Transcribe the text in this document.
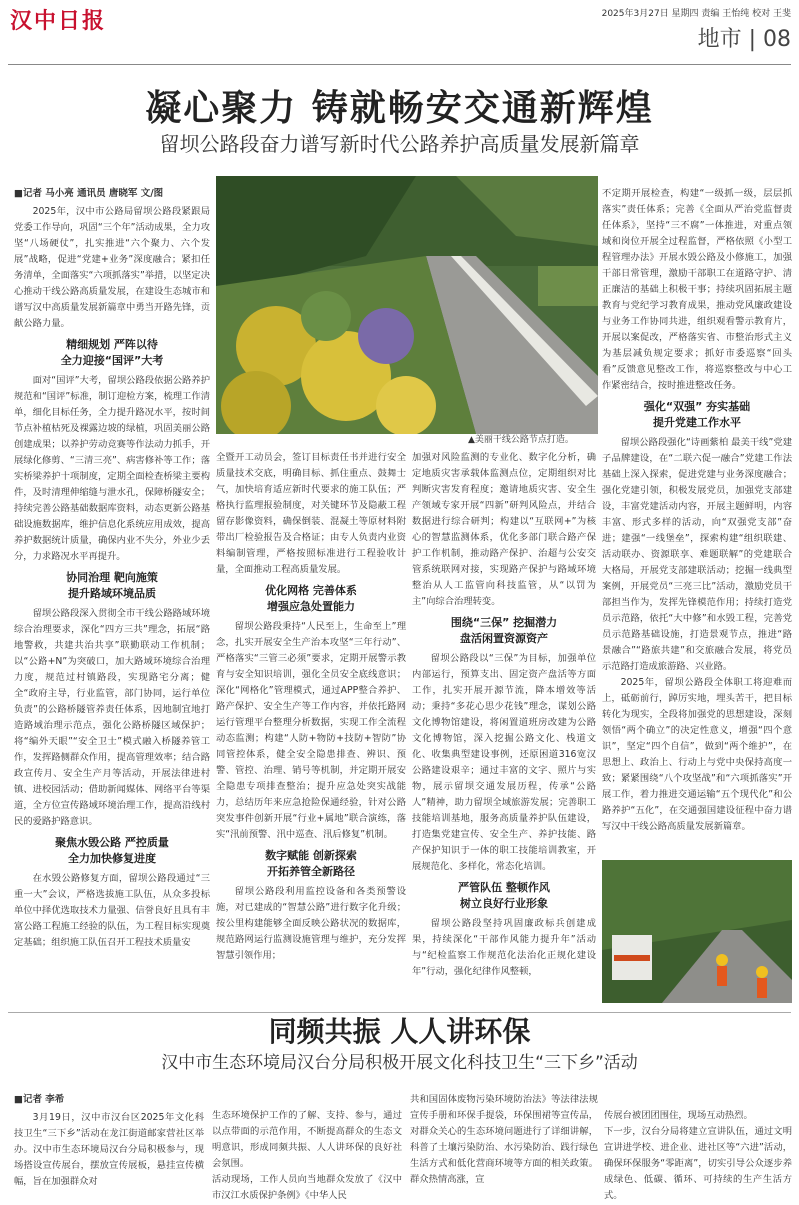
汉中日报	2025年3月27日 星期四 责编 王怡纯 校对 王斐
地市 | 08
凝心聚力 铸就畅安交通新辉煌
留坝公路段奋力谱写新时代公路养护高质量发展新篇章
▲美丽干线公路节点打造。
■记者 马小亮 通讯员 唐晓军 文/图

2025年，汉中市公路局留坝公路段紧跟局党委工作导向，巩固“三个年”活动成果，全力攻坚“八场硬仗”，扎实推进“六个聚力、六个发展”战略，促进“党建+业务”深度融合；紧扣任务清单，全面落实“六项抓落实”举措，以坚定决心推动干线公路高质量发展，在建设生态城市和谱写汉中高质量发展新篇章中勇当开路先锋，贡献公路力量。

精细规划 严阵以待
全力迎接“国评”大考

面对“国评”大考，留坝公路段依据公路养护规范和“国评”标准，制订迎检方案，梳理工作清单，细化目标任务，全力提升路况水平，按时间节点补植枯死及裸露边坡的绿植，巩固美丽公路创建成果；以养护劳动竞赛等作法动力抓手，开展绿化修剪、“三清三亮”、病害修补等工作；落实桥梁养护十项制度，定期全面检查桥梁主要构件，及时清理伸缩缝与泄水孔，保障桥隧安全；持续完善公路基础数据库资料，动态更新公路基础设施数据库，维护信息化系统应用成效，提高养护数据统计质量，确保内业不失分，外业少丢分，力求路况水平再提升。

协同治理 靶向施策
提升路域环境品质

留坝公路段深入贯彻全市干线公路路域环境综合治理要求，深化“四方三共”理念，拓展“路地警救，共建共治共享”联勤联动工作机制；以“公路+N”为突破口，加大路域环境综合治理力度，规范过村镇路段，实现路宅分离；健全“政府主导，行业监管，部门协同，运行单位负责”的公路桥隧管养责任体系，因地制宜地打造路域治理示范点，强化公路桥隧区域保护；将“编外天眼”“安全卫士”模式融入桥隧养管工作，发挥路侧群众作用，提高管理效率；结合路政宣传月、安全生产月等活动，开展法律进村镇、进校园活动；借助新闻媒体、网络平台等渠道，全方位宣传路域环境治理工作，提高沿线村民的爱路护路意识。

聚焦水毁公路 严控质量
全力加快修复进度

在水毁公路修复方面，留坝公路段通过“三重一大”会议，严格选拔施工队伍，从众多投标单位中择优选取技术力量强、信誉良好且具有丰富公路工程施工经验的队伍，为工程目标实现奠定基础；组织施工队伍召开工程技术质量安

全暨开工动员会，签订目标责任书并进行安全质量技术交底，明确目标、抓住重点、鼓舞士气，加快培育适应新时代要求的施工队伍；严格执行监理报验制度，对关键环节及隐蔽工程留存影像资料，确保倒装、混凝土等原材料附带出厂检验报告及合格证；由专人负责内业资料编制管理，严格按照标准进行工程验收计量，全面推动工程高质量发展。

优化网格 完善体系
增强应急处置能力

留坝公路段秉持“人民至上，生命至上”理念，扎实开展安全生产治本攻坚“三年行动”、严格落实“三管三必须”要求，定期开展警示教育与安全知识培训，强化全员安全底线意识；深化“网格化”管理模式，通过APP整合养护、路产保护、安全生产等工作内容，并依托路网运行管理平台整理分析数据，实现工作全流程动态监测；构建“人防+物防+技防+智防”协同管控体系，健全安全隐患排查、辨识、预警、管控、治理、销号等机制，并定期开展安全隐患专项排查整治；提升应急处突实战能力，总结历年来应急抢险保通经验，针对公路突发事件创新开展“行业+属地”联合演练，落实“汛前预警、汛中巡查、汛后修复”机制。

数字赋能 创新探索
开拓养管全新路径

留坝公路段利用监控设备和各类预警设施，对已建成的“智慧公路”进行数字化升级；按公里构建能够全面反映公路状况的数据库，规范路网运行监测设施管理与维护，充分发挥智慧引领作用；

加强对风险监测的专业化、数字化分析，确定地质灾害承载体监测点位，定期组织对比判断灾害发育程度；邀请地质灾害、安全生产领域专家开展“四新”研判风险点，并结合数据进行综合研判；构建以“互联网+”为核心的智慧监测体系，优化多部门联合路产保护工作机制，推动路产保护、治超与公安交管系统联网对接，实现路产保护与路域环境整治从人工监管向科技监管，从“以罚为主”向综合治理转变。

围绕“三保” 挖掘潜力
盘活闲置资源资产

留坝公路段以“三保”为目标，加强单位内部运行，预算支出、固定资产盘活等方面工作，扎实开展开源节流，降本增效等活动；秉持“多花心思少花钱”理念，谋划公路文化博物馆建设，将闲置道班房改建为公路文化博物馆，深入挖掘公路文化、栈道文化、收集典型建设事例，还原困道316宽汉公路建设艰辛；通过丰富的文字、照片与实物，展示留坝交通发展历程，传承“公路人”精神，助力留坝全域旅游发展；完善职工技能培训基地，服务高质量养护队伍建设，打造集党建宣传、安全生产、养护技能、路产保护知识于一体的职工技能培训教室，开展规范化、多样化，常态化培训。

严管队伍 整顿作风
树立良好行业形象

留坝公路段坚持巩固廉政标兵创建成果，持续深化“干部作风能力提升年”活动与“纪检监察工作规范化法治化正规化建设年”行动，强化纪律作风整顿，

不定期开展检查，构建“一级抓一级，层层抓落实”责任体系；完善《全面从严治党监督责任体系》，坚持“三不腐”一体推进，对重点领域和岗位开展全过程监督，严格依照《小型工程管理办法》开展水毁公路及小修施工，加强干部日常管理，激励干部职工在道路守护、清正廉洁的基础上积极干事；持续巩固拓展主题教育与党纪学习教育成果，推动党风廉政建设与业务工作协同共进，组织观看警示教育片，开展以案促改，严格落实省、市整治形式主义为基层减负规定要求；抓好市委巡察“回头看”反馈意见整改工作，将巡察整改与中心工作紧密结合，按时推进整改任务。

强化“双强” 夯实基础
提升党建工作水平

留坝公路段强化“诗画紫柏 最美干线”党建子品牌建设，在“二联六促一融合”党建工作法基础上深入探索，促进党建与业务深度融合；强化党建引领，积极发展党员，加强党支部建设，丰富党建活动内容，开展主题鲜明，内容丰富、形式多样的活动，向“双强党支部”奋进；建强“一线堡垒”，探索构建“组织联建、活动联办、资源联享、难题联解”的党建联合大格局，开展党支部建联活动；挖掘一线典型案例，开展党员“三亮三比”活动，激励党员干部担当作为，发挥先锋模范作用；持续打造党员示范路，依托“大中修”和水毁工程，完善党员示范路基础设施，打造景观节点，推进“路景融合”“路旅共建”和交旅融合发展，将党员示范路打造成旅游路、兴业路。

2025年，留坝公路段全体职工将迎难而上，砥砺前行，踔厉实地，埋头苦干，把目标转化为现实，全段将加强党的思想建设，深刻领悟“两个确立”的决定性意义，增强“四个意识”，坚定“四个自信”，做到“两个维护”，在思想上、政治上、行动上与党中央保持高度一致；紧紧围绕“八个攻坚战”和“六项抓落实”开展工作，着力推进交通运输“五个现代化”和公路养护“五化”，在交通强国建设征程中奋力谱写汉中干线公路高质量发展新篇章。

同频共振 人人讲环保
汉中市生态环境局汉台分局积极开展文化科技卫生“三下乡”活动
■记者 李希

3月19日，汉中市汉台区2025年文化科技卫生“三下乡”活动在龙江街道邮家营社区举办。汉中市生态环境局汉台分局积极参与，现场搭设宣传展台，摆放宣传展板，悬挂宣传横幅，旨在加强群众对

生态环境保护工作的了解、支持、参与，通过以点带面的示范作用，不断提高群众的生态文明意识，形成同频共振、人人讲环保的良好社会氛围。
活动现场，工作人员向当地群众发放了《汉中市汉江水质保护条例》《中华人民

共和国固体废物污染环境防治法》等法律法规宣传手册和环保手提袋，环保围裙等宣传品，对群众关心的生态环境问题进行了详细讲解，科普了土壤污染防治、水污染防治、践行绿色生活方式和低化营商环境等方面的相关政策。群众热情高涨，宣

传展台被团团围住，现场互动热烈。
下一步，汉台分局将建立宣讲队伍，通过文明宣讲进学校、进企业、进社区等“六进”活动，确保环保服务“零距离”，切实引导公众逐步养成绿色、低碳、循环、可持续的生产生活方式。
